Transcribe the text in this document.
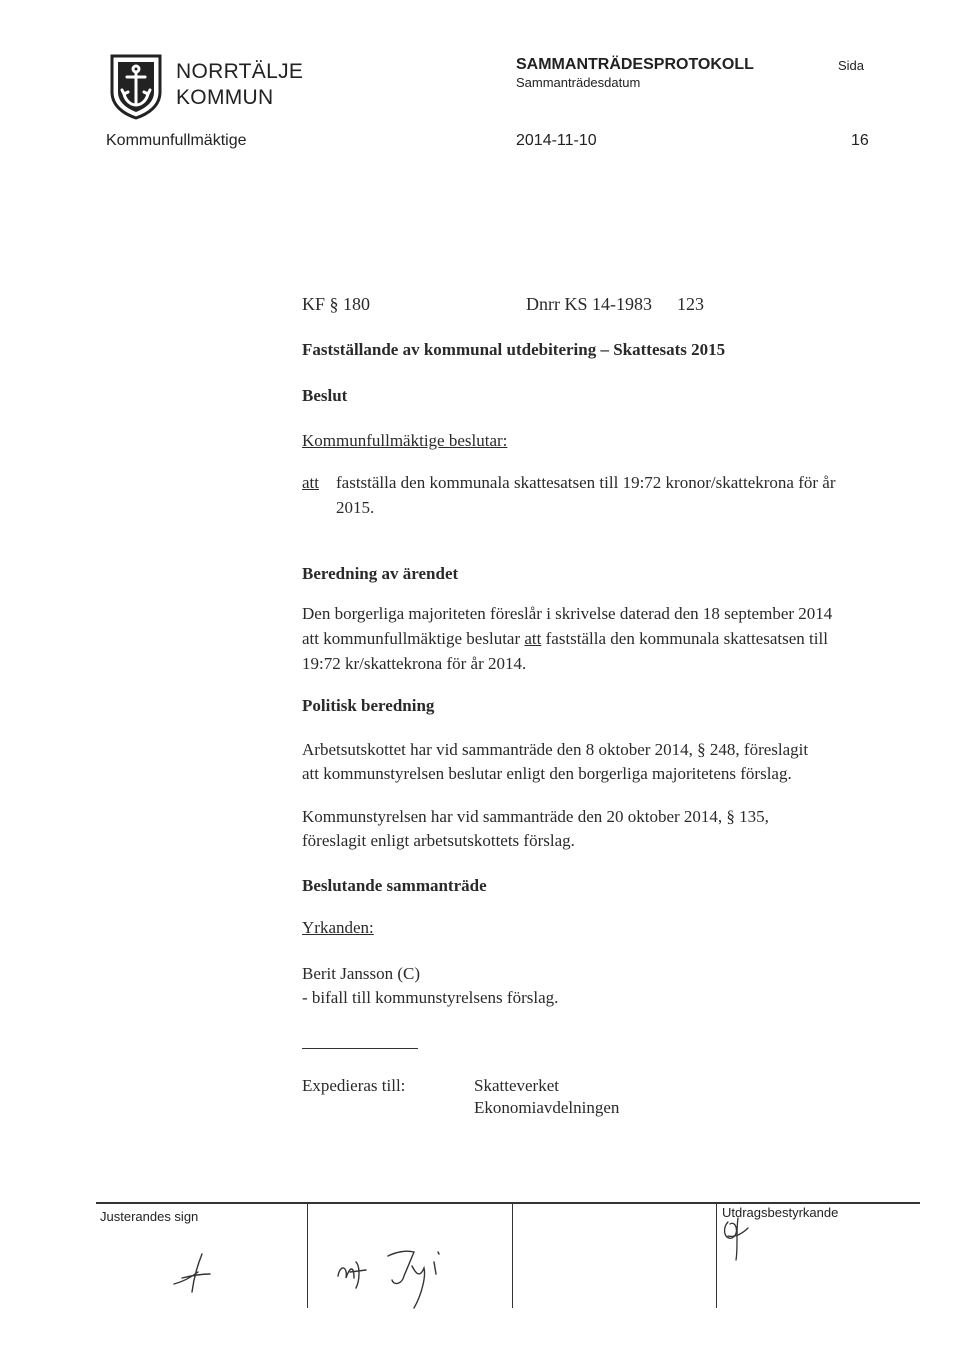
NORRTÄLJE
KOMMUN
SAMMANTRÄDESPROTOKOLL
Sammanträdesdatum
Sida
Kommunfullmäktige	2014-11-10	16
KF § 180	Dnrr KS 14-1983 123
Fastställande av kommunal utdebitering – Skattesats 2015
Beslut
Kommunfullmäktige beslutar:
att fastställa den kommunala skattesatsen till 19:72 kronor/skattekrona för år
2015.
Beredning av ärendet
Den borgerliga majoriteten föreslår i skrivelse daterad den 18 september 2014
att kommunfullmäktige beslutar att fastställa den kommunala skattesatsen till
19:72 kr/skattekrona för år 2014.
Politisk beredning
Arbetsutskottet har vid sammanträde den 8 oktober 2014, § 248, föreslagit
att kommunstyrelsen beslutar enligt den borgerliga majoritetens förslag.
Kommunstyrelsen har vid sammanträde den 20 oktober 2014, § 135,
föreslagit enligt arbetsutskottets förslag.
Beslutande sammanträde
Yrkanden:
Berit Jansson (C)
- bifall till kommunstyrelsens förslag.
Expedieras till:	Skatteverket
Ekonomiavdelningen
Justerandes sign	Utdragsbestyrkande
